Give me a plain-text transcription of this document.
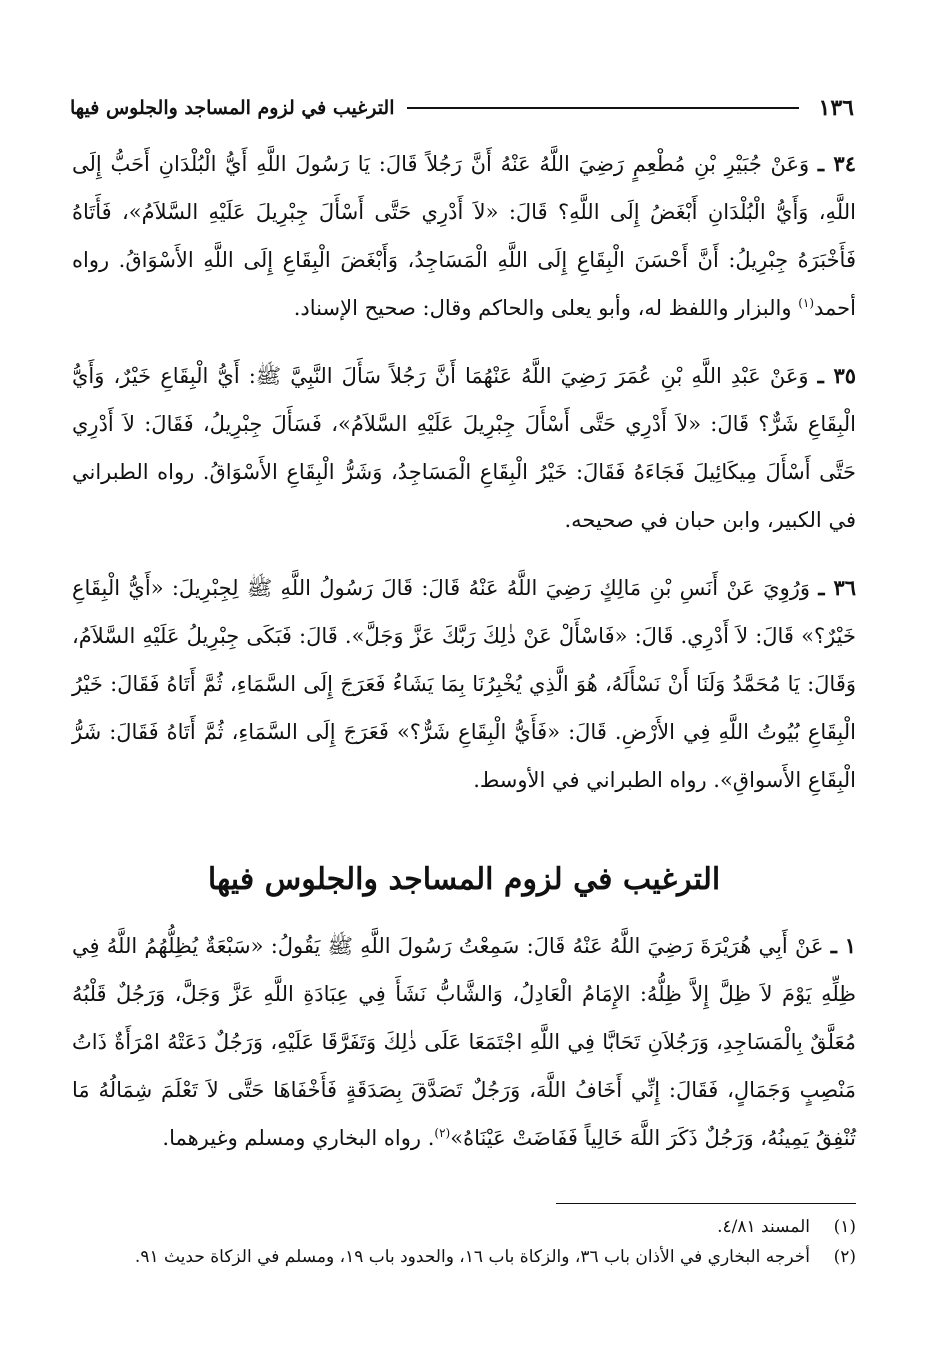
١٣٦
الترغيب في لزوم المساجد والجلوس فيها

٣٤ ـ وَعَنْ جُبَيْرِ بْنِ مُطْعِمٍ رَضِيَ اللَّهُ عَنْهُ أَنَّ رَجُلاً قَالَ: يَا رَسُولَ اللَّهِ أَيُّ الْبُلْدَانِ أَحَبُّ إِلَى اللَّهِ، وَأَيُّ الْبُلْدَانِ أَبْغَضُ إِلَى اللَّهِ؟ قَالَ: «لاَ أَدْرِي حَتَّى أَسْأَلَ جِبْرِيلَ عَلَيْهِ السَّلاَمُ»، فَأَتَاهُ فَأَخْبَرَهُ جِبْرِيلُ: أَنَّ أَحْسَنَ الْبِقَاعِ إِلَى اللَّهِ الْمَسَاجِدُ، وَأَبْغَضَ الْبِقَاعِ إِلَى اللَّهِ الأَسْوَاقُ. رواه أحمد$^{(١)}$ والبزار واللفظ له، وأبو يعلى والحاكم وقال: صحيح الإسناد.

٣٥ ـ وَعَنْ عَبْدِ اللَّهِ بْنِ عُمَرَ رَضِيَ اللَّهُ عَنْهُمَا أَنَّ رَجُلاً سَأَلَ النَّبِيَّ ﷺ: أَيُّ الْبِقَاعِ خَيْرٌ، وَأَيُّ الْبِقَاعِ شَرٌّ؟ قَالَ: «لاَ أَدْرِي حَتَّى أَسْأَلَ جِبْرِيلَ عَلَيْهِ السَّلاَمُ»، فَسَأَلَ جِبْرِيلُ، فَقَالَ: لاَ أَدْرِي حَتَّى أَسْأَلَ مِيكَائِيلَ فَجَاءَهُ فَقَالَ: خَيْرُ الْبِقَاعِ الْمَسَاجِدُ، وَشَرُّ الْبِقَاعِ الأَسْوَاقُ. رواه الطبراني في الكبير، وابن حبان في صحيحه.

٣٦ ـ وَرُوِيَ عَنْ أَنَسِ بْنِ مَالِكٍ رَضِيَ اللَّهُ عَنْهُ قَالَ: قَالَ رَسُولُ اللَّهِ ﷺ لِجِبْرِيلَ: «أَيُّ الْبِقَاعِ خَيْرٌ؟» قَالَ: لاَ أَدْرِي. قَالَ: «فَاسْأَلْ عَنْ ذٰلِكَ رَبَّكَ عَزَّ وَجَلَّ». قَالَ: فَبَكَى جِبْرِيلُ عَلَيْهِ السَّلاَمُ، وَقَالَ: يَا مُحَمَّدُ وَلَنَا أَنْ نَسْأَلَهُ، هُوَ الَّذِي يُخْبِرُنَا بِمَا يَشَاءُ فَعَرَجَ إِلَى السَّمَاءِ، ثُمَّ أَتَاهُ فَقَالَ: خَيْرُ الْبِقَاعِ بُيُوتُ اللَّهِ فِي الأَرْضِ. قَالَ: «فَأَيُّ الْبِقَاعِ شَرٌّ؟» فَعَرَجَ إِلَى السَّمَاءِ، ثُمَّ أَتَاهُ فَقَالَ: شَرُّ الْبِقَاعِ الأَسواقِ». رواه الطبراني في الأوسط.

الترغيب في لزوم المساجد والجلوس فيها

١ ـ عَنْ أَبِي هُرَيْرَةَ رَضِيَ اللَّهُ عَنْهُ قَالَ: سَمِعْتُ رَسُولَ اللَّهِ ﷺ يَقُولُ: «سَبْعَةٌ يُظِلُّهُمُ اللَّهُ فِي ظِلِّهِ يَوْمَ لاَ ظِلَّ إِلاَّ ظِلُّهُ: الإِمَامُ الْعَادِلُ، وَالشَّابُّ نَشَأَ فِي عِبَادَةِ اللَّهِ عَزَّ وَجَلَّ، وَرَجُلٌ قَلْبُهُ مُعَلَّقٌ بِالْمَسَاجِدِ، وَرَجُلاَنِ تَحَابَّا فِي اللَّهِ اجْتَمَعَا عَلَى ذٰلِكَ وَتَفَرَّقَا عَلَيْهِ، وَرَجُلٌ دَعَتْهُ امْرَأَةٌ ذَاتُ مَنْصِبٍ وَجَمَالٍ، فَقَالَ: إِنِّي أَخَافُ اللَّهَ، وَرَجُلٌ تَصَدَّقَ بِصَدَقَةٍ فَأَخْفَاهَا حَتَّى لاَ تَعْلَمَ شِمَالُهُ مَا تُنْفِقُ يَمِينُهُ، وَرَجُلٌ ذَكَرَ اللَّهَ خَالِياً فَفَاضَتْ عَيْنَاهُ»$^{(٢)}$. رواه البخاري ومسلم وغيرهما.

(١)
المسند ٤/٨١.

(٢)
أخرجه البخاري في الأذان باب ٣٦، والزكاة باب ١٦، والحدود باب ١٩، ومسلم في الزكاة حديث ٩١.
